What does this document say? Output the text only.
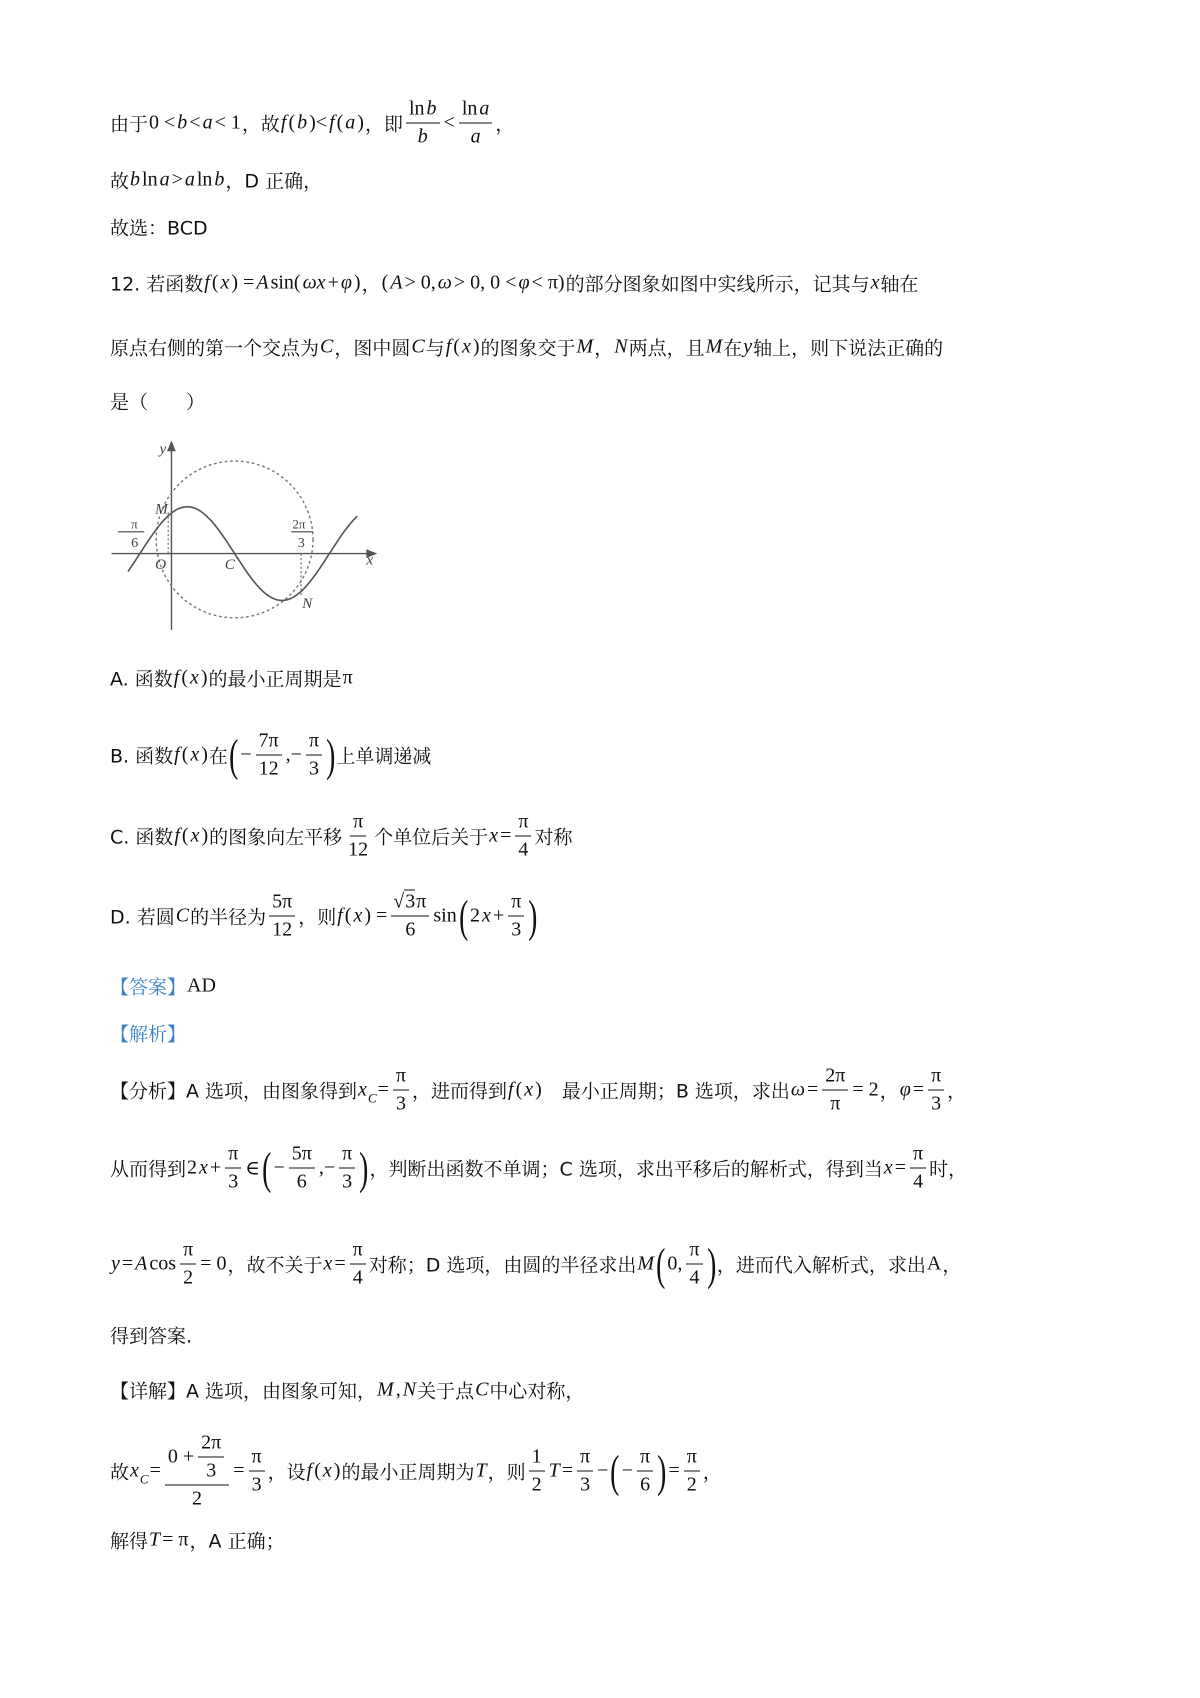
由于 0 < b < a < 1 ，故 f ( b )< f ( a ) ，即 $\frac{\text{ln b}}{b} < \frac{\text{ln a}}{a}$ ，
故 b ln a > a ln b ，D 正确，
故选：BCD
12. 若函数 f ( x ) = A sin( ωx + φ ) ， ( A > 0, ω > 0, 0 < φ < π) 的部分图象如图中实线所示，记其与 x 轴在
原点右侧的第一个交点为 C ，图中圆 C 与 f ( x ) 的图象交于 M ， N 两点，且 M 在 y 轴上，则下说法正确的
是（　　）
A. 函数 f ( x ) 的最小正周期是 π
B. 函数 f ( x ) 在 ( − $\frac{7\pi}{12}$ ,− $\frac{\pi}{3}$ ) 上单调递减
C. 函数 f ( x ) 的图象向左平移 $\frac{\pi}{12}$ 个单位后关于 $x = \frac{\pi}{4}$ 对称
D. 若圆 C 的半径为 $\frac{5\pi}{12}$ ，则 f ( x ) = $\frac{√3 \pi}{6}$ sin ( 2 $x + \frac{\pi}{3}$ )
【答案】 AD
【解析】
【分析】A 选项，由图象得到 x $C = \frac{\pi}{3}$ ，进而得到 f ( x ) 　最小正周期；B 选项，求出 $\omega = \frac{2\pi}{\pi} = 2$ ， $\varphi = \frac{\pi}{3}$ ，
从而得到 2 $x + \frac{\pi}{3}$ ∈ ( − $\frac{5\pi}{6}$ ,− $\frac{\pi}{3}$ ) ，判断出函数不单调；C 选项，求出平移后的解析式，得到当 $x = \frac{\pi}{4}$ 时，
y = A $\cos \frac{\pi}{2} = 0$ ，故不关于 $x = \frac{\pi}{4}$ 对称；D 选项，由圆的半径求出 M ( 0, $\frac{\pi}{4}$ ) ，进而代入解析式，求出 A ，
得到答案.
【详解】A 选项，由图象可知， M , N 关于点 C 中心对称，
故 x $C = \frac{0 + \frac{2\pi}{3}}{2} = \frac{\pi}{3}$ ，设 f ( x ) 的最小正周期为 T ，则 $\frac{1}{2}$ $T = \frac{\pi}{3}$ − ( − $\frac{\pi}{6}$ ) = $\frac{\pi}{2}$ ，
解得 T = π ，A 正确；
y
x
M
N
O	C
π
6
2π
3
